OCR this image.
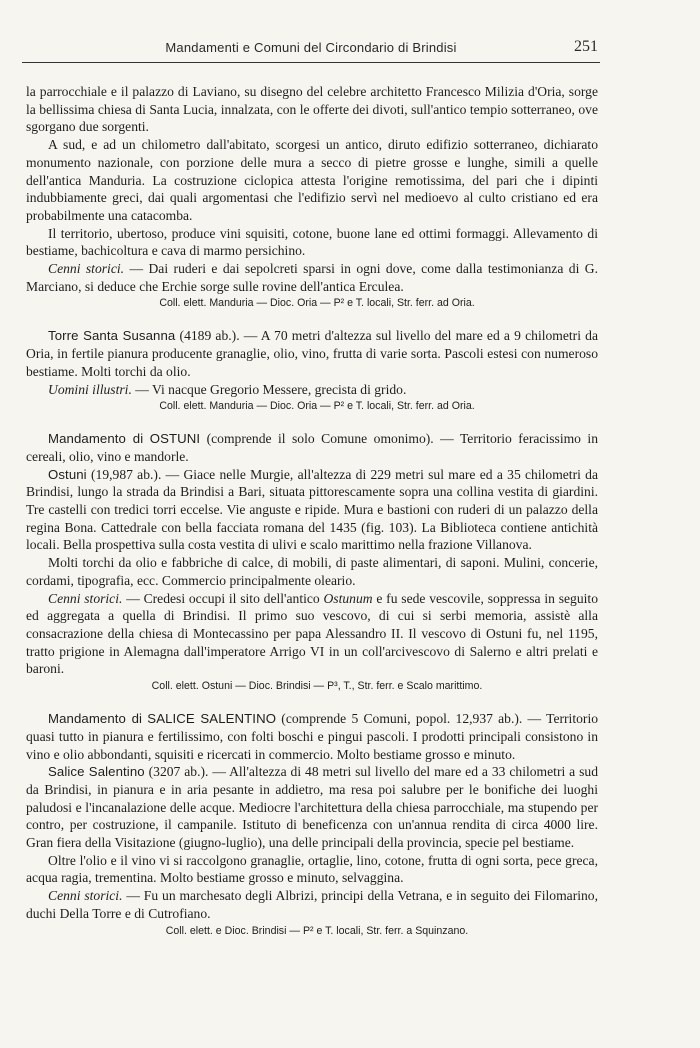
Mandamenti e Comuni del Circondario di Brindisi	251

la parrocchiale e il palazzo di Laviano, su disegno del celebre architetto Francesco Milizia d'Oria, sorge la bellissima chiesa di Santa Lucia, innalzata, con le offerte dei divoti, sull'antico tempio sotterraneo, ove sgorgano due sorgenti.

A sud, e ad un chilometro dall'abitato, scorgesi un antico, diruto edifizio sotterraneo, dichiarato monumento nazionale, con porzione delle mura a secco di pietre grosse e lunghe, simili a quelle dell'antica Manduria. La costruzione ciclopica attesta l'origine remotissima, del pari che i dipinti indubbiamente greci, dai quali argomentasi che l'edifizio servì nel medioevo al culto cristiano ed era probabilmente una catacomba.

Il territorio, ubertoso, produce vini squisiti, cotone, buone lane ed ottimi formaggi. Allevamento di bestiame, bachicoltura e cava di marmo persichino.

Cenni storici. — Dai ruderi e dai sepolcreti sparsi in ogni dove, come dalla testimonianza di G. Marciano, si deduce che Erchie sorge sulle rovine dell'antica Erculea.

Coll. elett. Manduria — Dioc. Oria — P² e T. locali, Str. ferr. ad Oria.

Torre Santa Susanna (4189 ab.). — A 70 metri d'altezza sul livello del mare ed a 9 chilometri da Oria, in fertile pianura producente granaglie, olio, vino, frutta di varie sorta. Pascoli estesi con numeroso bestiame. Molti torchi da olio.

Uomini illustri. — Vi nacque Gregorio Messere, grecista di grido.

Coll. elett. Manduria — Dioc. Oria — P² e T. locali, Str. ferr. ad Oria.

Mandamento di OSTUNI (comprende il solo Comune omonimo). — Territorio feracissimo in cereali, olio, vino e mandorle.

Ostuni (19,987 ab.). — Giace nelle Murgie, all'altezza di 229 metri sul mare ed a 35 chilometri da Brindisi, lungo la strada da Brindisi a Bari, situata pittorescamente sopra una collina vestita di giardini. Tre castelli con tredici torri eccelse. Vie anguste e ripide. Mura e bastioni con ruderi di un palazzo della regina Bona. Cattedrale con bella facciata romana del 1435 (fig. 103). La Biblioteca contiene antichità locali. Bella prospettiva sulla costa vestita di ulivi e scalo marittimo nella frazione Villanova.

Molti torchi da olio e fabbriche di calce, di mobili, di paste alimentari, di saponi. Mulini, concerie, cordami, tipografia, ecc. Commercio principalmente oleario.

Cenni storici. — Credesi occupi il sito dell'antico Ostunum e fu sede vescovile, soppressa in seguito ed aggregata a quella di Brindisi. Il primo suo vescovo, di cui si serbi memoria, assistè alla consacrazione della chiesa di Montecassino per papa Alessandro II. Il vescovo di Ostuni fu, nel 1195, tratto prigione in Alemagna dall'imperatore Arrigo VI in un coll'arcivescovo di Salerno e altri prelati e baroni.

Coll. elett. Ostuni — Dioc. Brindisi — P³, T., Str. ferr. e Scalo marittimo.

Mandamento di SALICE SALENTINO (comprende 5 Comuni, popol. 12,937 ab.). — Territorio quasi tutto in pianura e fertilissimo, con folti boschi e pingui pascoli. I prodotti principali consistono in vino e olio abbondanti, squisiti e ricercati in commercio. Molto bestiame grosso e minuto.

Salice Salentino (3207 ab.). — All'altezza di 48 metri sul livello del mare ed a 33 chilometri a sud da Brindisi, in pianura e in aria pesante in addietro, ma resa poi salubre per le bonifiche dei luoghi paludosi e l'incanalazione delle acque. Mediocre l'architettura della chiesa parrocchiale, ma stupendo per contro, per costruzione, il campanile. Istituto di beneficenza con un'annua rendita di circa 4000 lire. Gran fiera della Visitazione (giugno-luglio), una delle principali della provincia, specie pel bestiame.

Oltre l'olio e il vino vi si raccolgono granaglie, ortaglie, lino, cotone, frutta di ogni sorta, pece greca, acqua ragia, trementina. Molto bestiame grosso e minuto, selvaggina.

Cenni storici. — Fu un marchesato degli Albrizi, principi della Vetrana, e in seguito dei Filomarino, duchi Della Torre e di Cutrofiano.

Coll. elett. e Dioc. Brindisi — P² e T. locali, Str. ferr. a Squinzano.
